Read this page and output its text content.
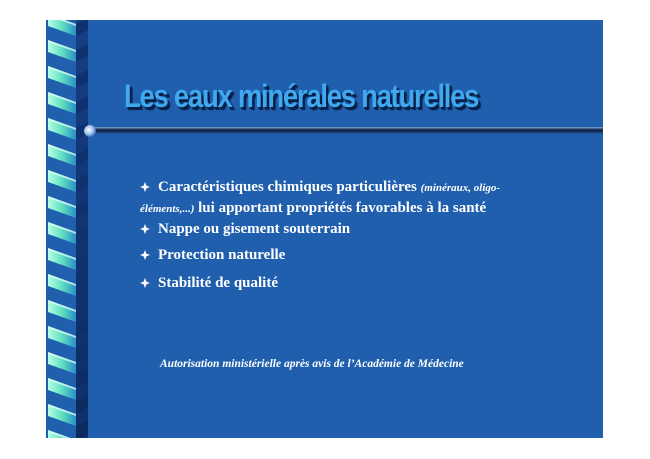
Les eaux minérales naturelles
Caractéristiques chimiques particulières (minéraux, oligo-
éléments,...) lui apportant propriétés favorables à la santé
Nappe ou gisement souterrain
Protection naturelle
Stabilité de qualité

Autorisation ministérielle après avis de l’Académie de Médecine
